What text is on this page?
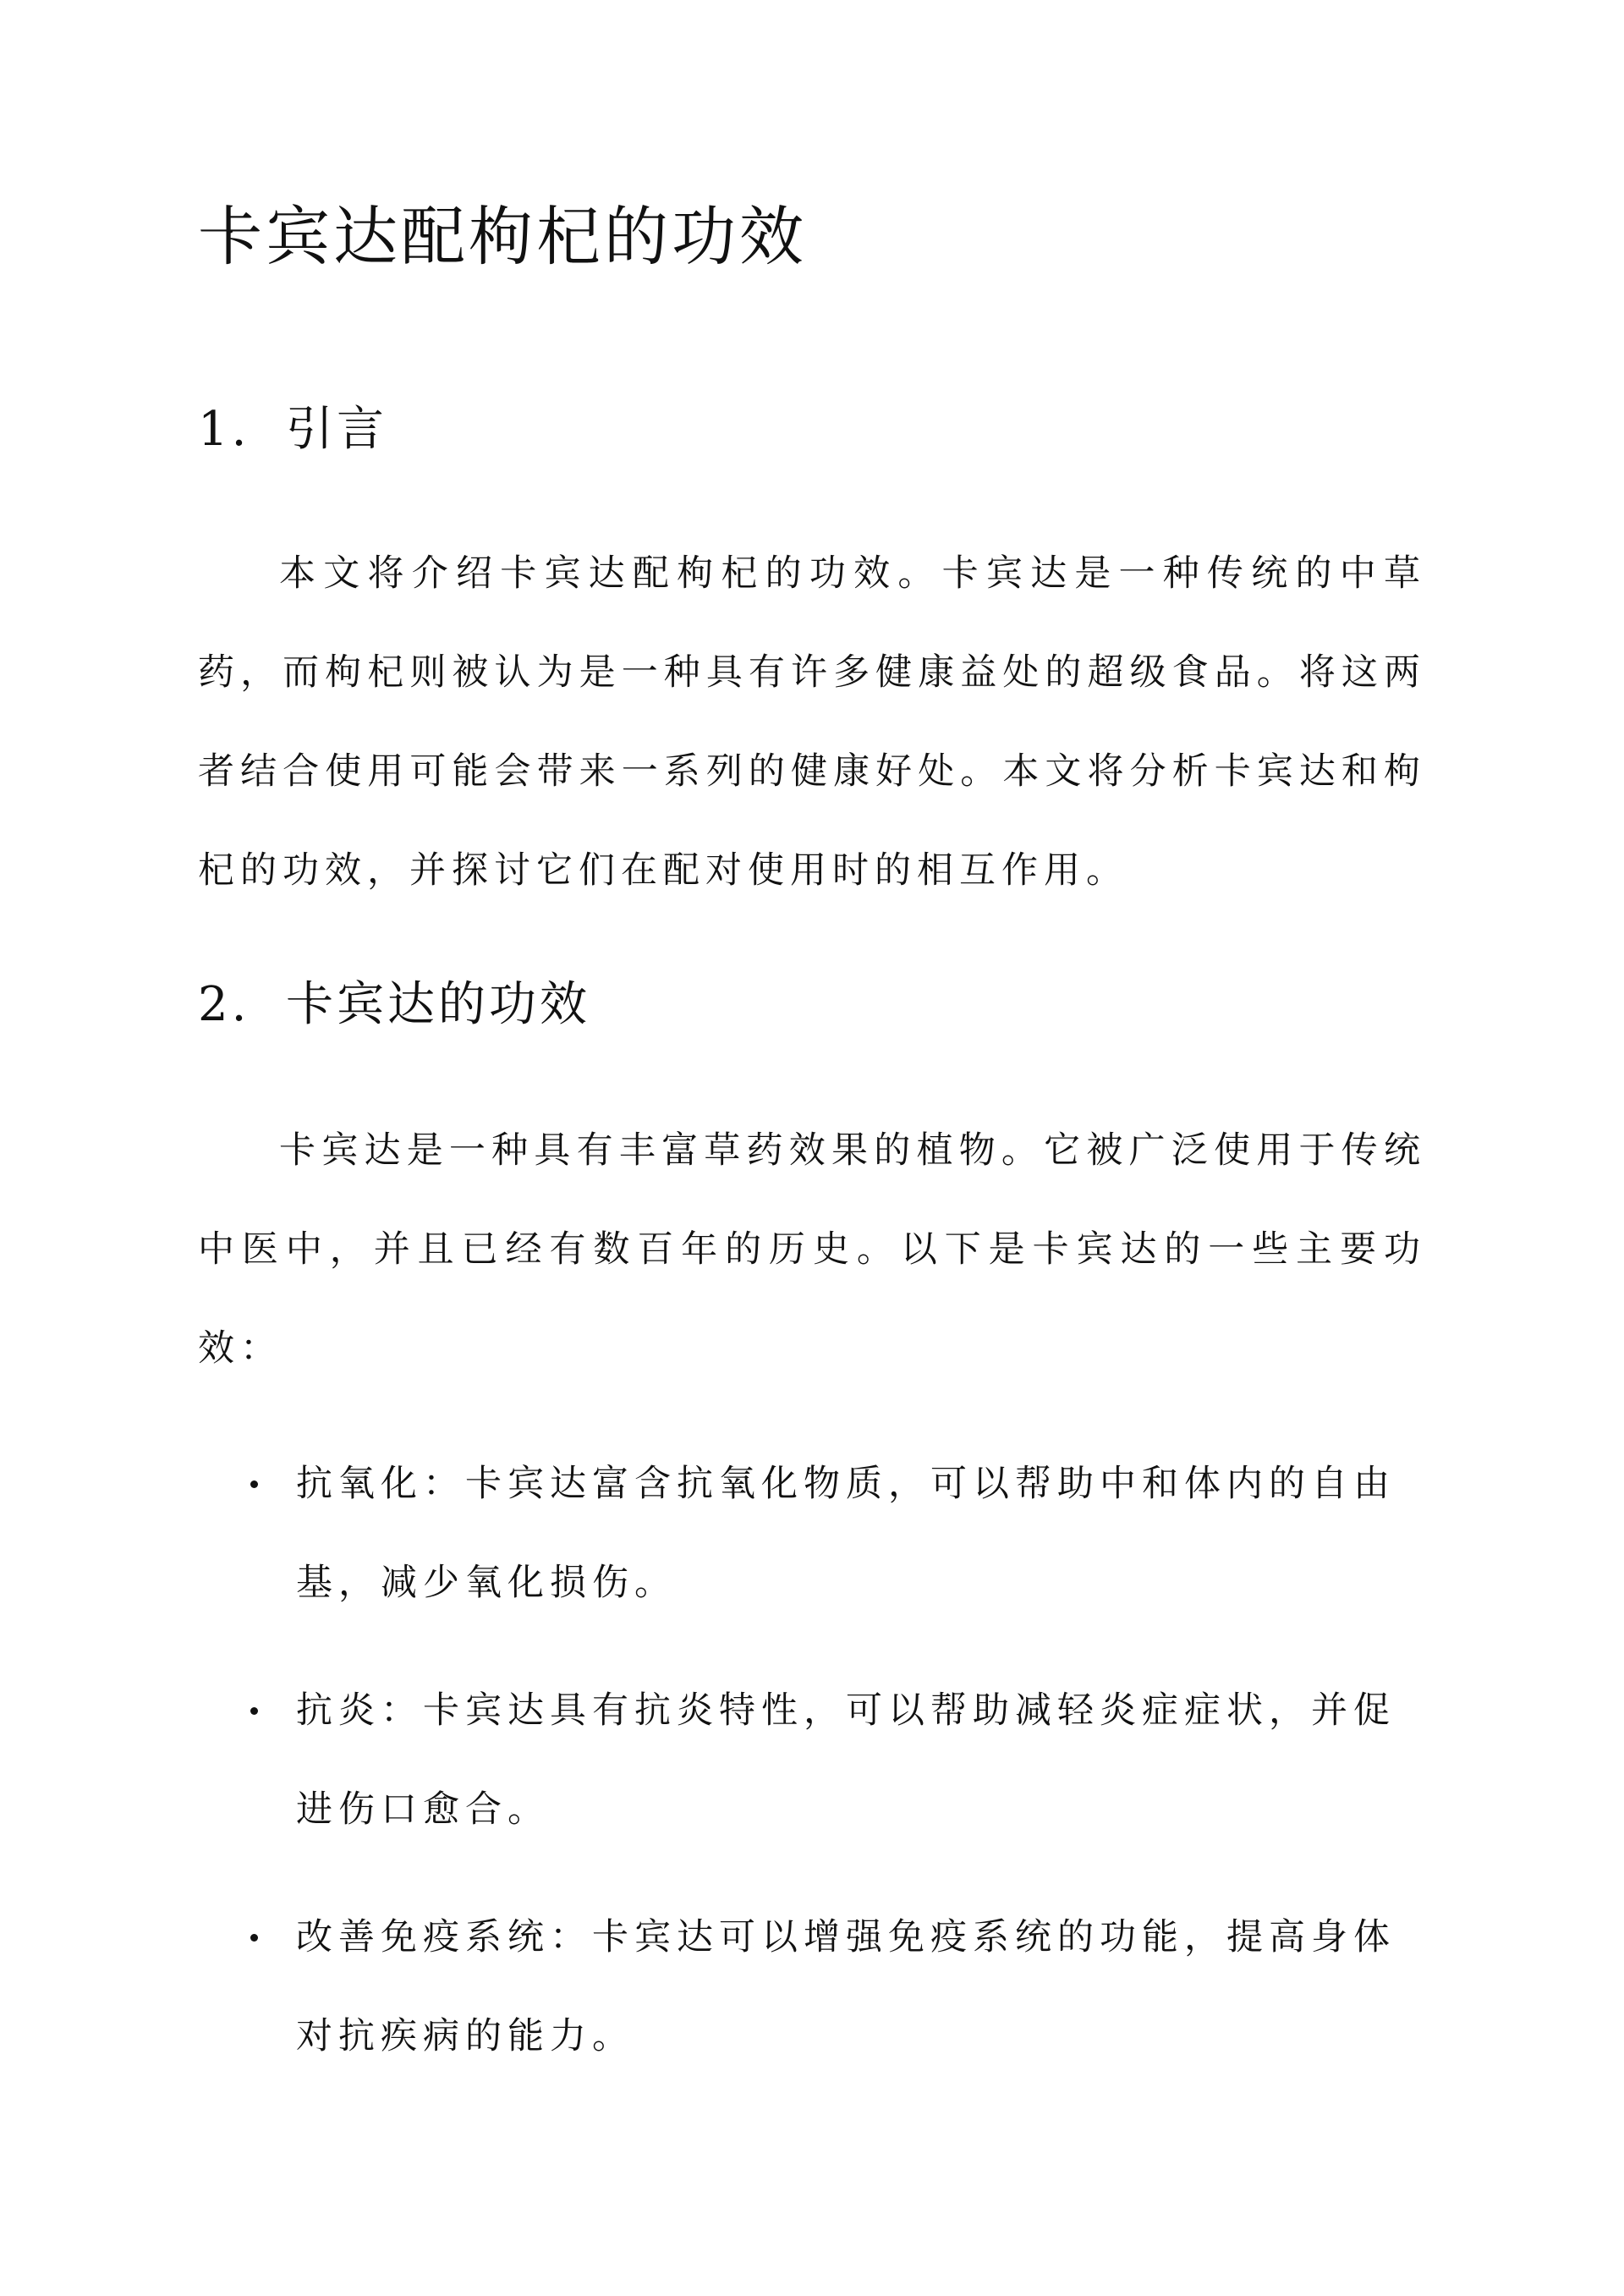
卡宾达配枸杞的功效
1. 引言

本文将介绍卡宾达配枸杞的功效。卡宾达是一种传统的中草药，而枸杞则被认为是一种具有许多健康益处的超级食品。将这两者结合使用可能会带来一系列的健康好处。本文将分析卡宾达和枸杞的功效，并探讨它们在配对使用时的相互作用。

2. 卡宾达的功效

卡宾达是一种具有丰富草药效果的植物。它被广泛使用于传统中医中，并且已经有数百年的历史。以下是卡宾达的一些主要功效：

抗氧化：卡宾达富含抗氧化物质，可以帮助中和体内的自由基，减少氧化损伤。
抗炎：卡宾达具有抗炎特性，可以帮助减轻炎症症状，并促进伤口愈合。
改善免疫系统：卡宾达可以增强免疫系统的功能，提高身体对抗疾病的能力。
